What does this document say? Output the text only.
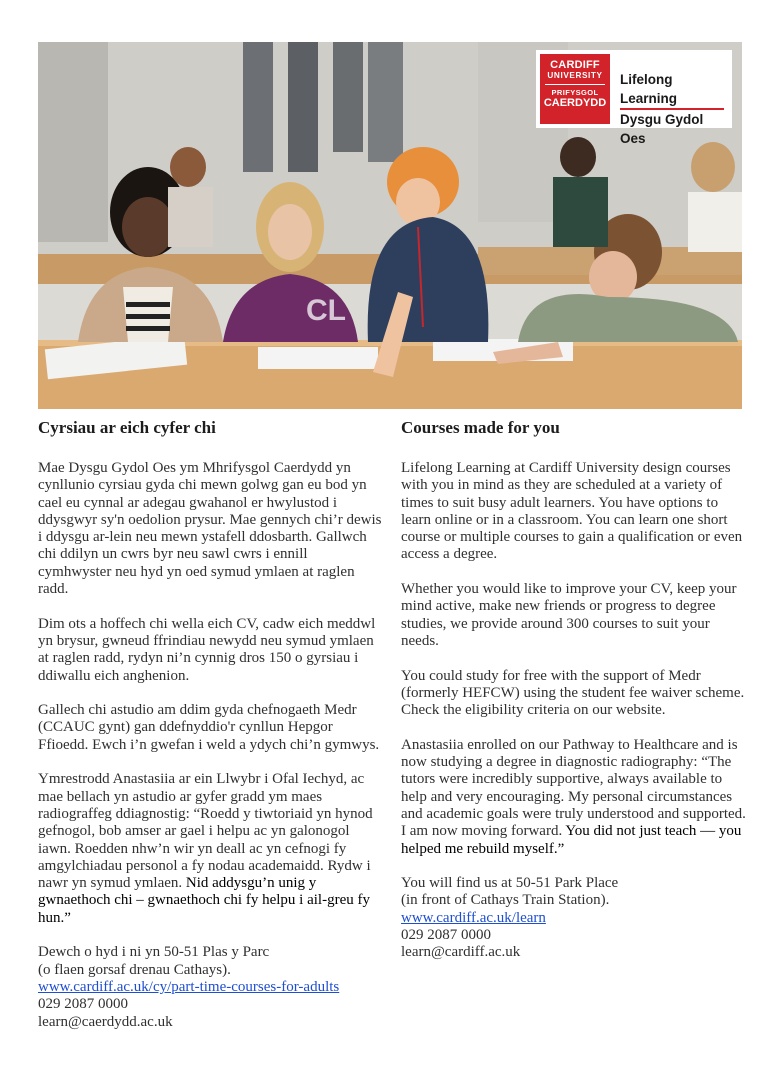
CL
CARDIFF
UNIVERSITY
PRIFYSGOL
CAERDYDD
Lifelong Learning
Dysgu Gydol Oes
Cyrsiau ar eich cyfer chi

Mae Dysgu Gydol Oes ym Mhrifysgol Caerdydd yn cynllunio cyrsiau gyda chi mewn golwg gan eu bod yn cael eu cynnal ar adegau gwahanol er hwylustod i ddysgwyr sy'n oedolion prysur. Mae gennych chi’r dewis i ddysgu ar-lein neu mewn ystafell ddosbarth. Gallwch chi ddilyn un cwrs byr neu sawl cwrs i ennill cymhwyster neu hyd yn oed symud ymlaen at raglen radd.

Dim ots a hoffech chi wella eich CV, cadw eich meddwl yn brysur, gwneud ffrindiau newydd neu symud ymlaen at raglen radd, rydyn ni’n cynnig dros 150 o gyrsiau i ddiwallu eich anghenion.

Gallech chi astudio am ddim gyda chefnogaeth Medr (CCAUC gynt) gan ddefnyddio'r cynllun Hepgor Ffioedd. Ewch i’n gwefan i weld a ydych chi’n gymwys.

Ymrestrodd Anastasiia ar ein Llwybr i Ofal Iechyd, ac mae bellach yn astudio ar gyfer gradd ym maes radiograffeg ddiagnostig: “Roedd y tiwtoriaid yn hynod gefnogol, bob amser ar gael i helpu ac yn galonogol iawn. Roedden nhw’n wir yn deall ac yn cefnogi fy amgylchiadau personol a fy nodau academaidd. Rydw i nawr yn symud ymlaen. Nid addysgu’n unig y gwnaethoch chi – gwnaethoch chi fy helpu i ail-greu fy hun.”

Dewch o hyd i ni yn 50-51 Plas y Parc
(o flaen gorsaf drenau Cathays).
www.cardiff.ac.uk/cy/part-time-courses-for-adults
029 2087 0000
learn@caerdydd.ac.uk

Courses made for you

Lifelong Learning at Cardiff University design courses with you in mind as they are scheduled at a variety of times to suit busy adult learners. You have options to learn online or in a classroom. You can learn one short course or multiple courses to gain a qualification or even access a degree.

Whether you would like to improve your CV, keep your mind active, make new friends or progress to degree studies, we provide around 300 courses to suit your needs.

You could study for free with the support of Medr (formerly HEFCW) using the student fee waiver scheme. Check the eligibility criteria on our website.

Anastasiia enrolled on our Pathway to Healthcare and is now studying a degree in diagnostic radiography: “The tutors were incredibly supportive, always available to help and very encouraging. My personal circumstances and academic goals were truly understood and supported. I am now moving forward. You did not just teach — you helped me rebuild myself.”

You will find us at 50-51 Park Place
(in front of Cathays Train Station).
www.cardiff.ac.uk/learn
029 2087 0000
learn@cardiff.ac.uk
